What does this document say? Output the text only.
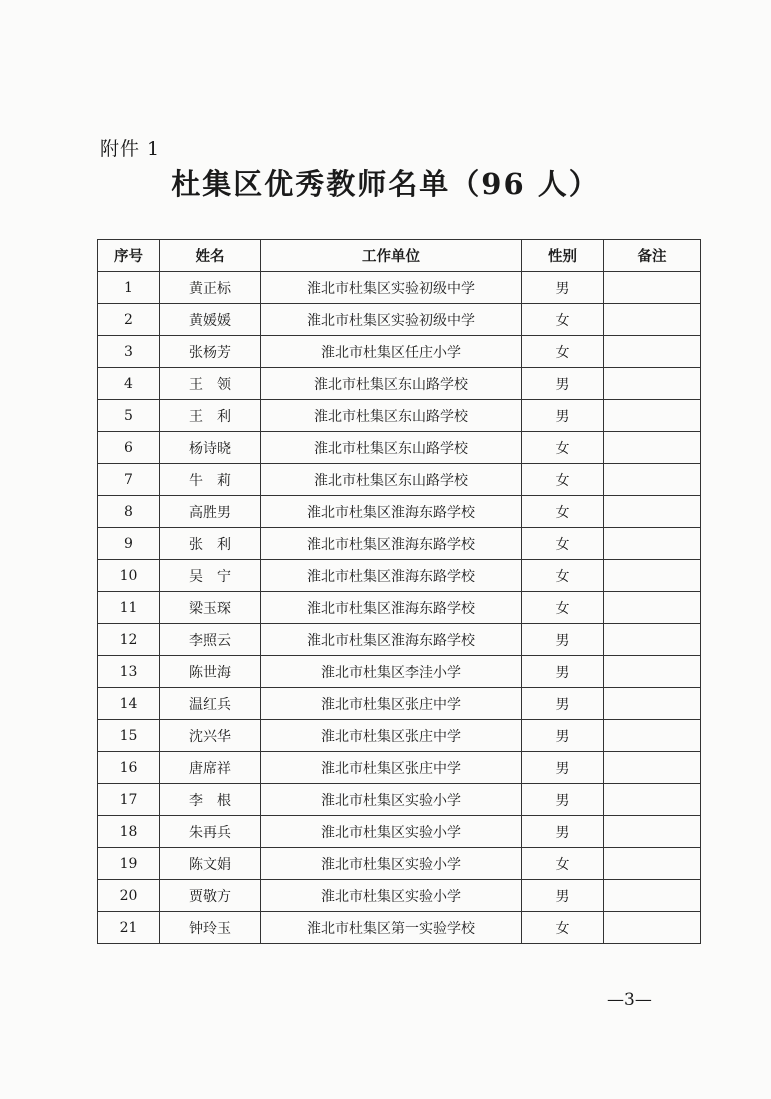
附件 1
杜集区优秀教师名单（96 人）
序号	姓名	工作单位	性别	备注
1	黄正标	淮北市杜集区实验初级中学	男	
2	黄媛媛	淮北市杜集区实验初级中学	女	
3	张杨芳	淮北市杜集区任庄小学	女	
4	王　领	淮北市杜集区东山路学校	男	
5	王　利	淮北市杜集区东山路学校	男	
6	杨诗晓	淮北市杜集区东山路学校	女	
7	牛　莉	淮北市杜集区东山路学校	女	
8	高胜男	淮北市杜集区淮海东路学校	女	
9	张　利	淮北市杜集区淮海东路学校	女	
10	吴　宁	淮北市杜集区淮海东路学校	女	
11	梁玉琛	淮北市杜集区淮海东路学校	女	
12	李照云	淮北市杜集区淮海东路学校	男	
13	陈世海	淮北市杜集区李洼小学	男	
14	温红兵	淮北市杜集区张庄中学	男	
15	沈兴华	淮北市杜集区张庄中学	男	
16	唐席祥	淮北市杜集区张庄中学	男	
17	李　根	淮北市杜集区实验小学	男	
18	朱再兵	淮北市杜集区实验小学	男	
19	陈文娟	淮北市杜集区实验小学	女	
20	贾敬方	淮北市杜集区实验小学	男	
21	钟玲玉	淮北市杜集区第一实验学校	女	
—3—
